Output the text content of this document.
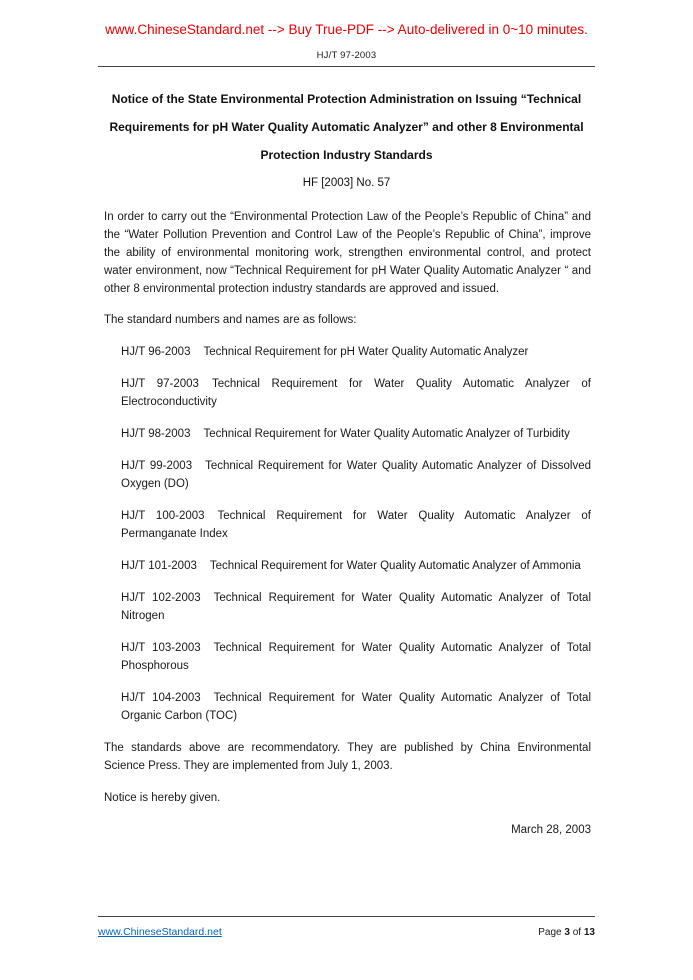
www.ChineseStandard.net --> Buy True-PDF --> Auto-delivered in 0~10 minutes.
HJ/T 97-2003
Notice of the State Environmental Protection Administration on Issuing “Technical Requirements for pH Water Quality Automatic Analyzer” and other 8 Environmental Protection Industry Standards
HF [2003] No. 57

In order to carry out the “Environmental Protection Law of the People’s Republic of China” and the “Water Pollution Prevention and Control Law of the People’s Republic of China”, improve the ability of environmental monitoring work, strengthen environmental control, and protect water environment, now “Technical Requirement for pH Water Quality Automatic Analyzer “ and other 8 environmental protection industry standards are approved and issued.

The standard numbers and names are as follows:

HJ/T 96-2003 Technical Requirement for pH Water Quality Automatic Analyzer
HJ/T 97-2003 Technical Requirement for Water Quality Automatic Analyzer of Electroconductivity
HJ/T 98-2003 Technical Requirement for Water Quality Automatic Analyzer of Turbidity
HJ/T 99-2003 Technical Requirement for Water Quality Automatic Analyzer of Dissolved Oxygen (DO)
HJ/T 100-2003 Technical Requirement for Water Quality Automatic Analyzer of Permanganate Index
HJ/T 101-2003 Technical Requirement for Water Quality Automatic Analyzer of Ammonia
HJ/T 102-2003 Technical Requirement for Water Quality Automatic Analyzer of Total Nitrogen
HJ/T 103-2003 Technical Requirement for Water Quality Automatic Analyzer of Total Phosphorous
HJ/T 104-2003 Technical Requirement for Water Quality Automatic Analyzer of Total Organic Carbon (TOC)

The standards above are recommendatory. They are published by China Environmental Science Press. They are implemented from July 1, 2003.

Notice is hereby given.

March 28, 2003

www.ChineseStandard.net	Page 3 of 13
